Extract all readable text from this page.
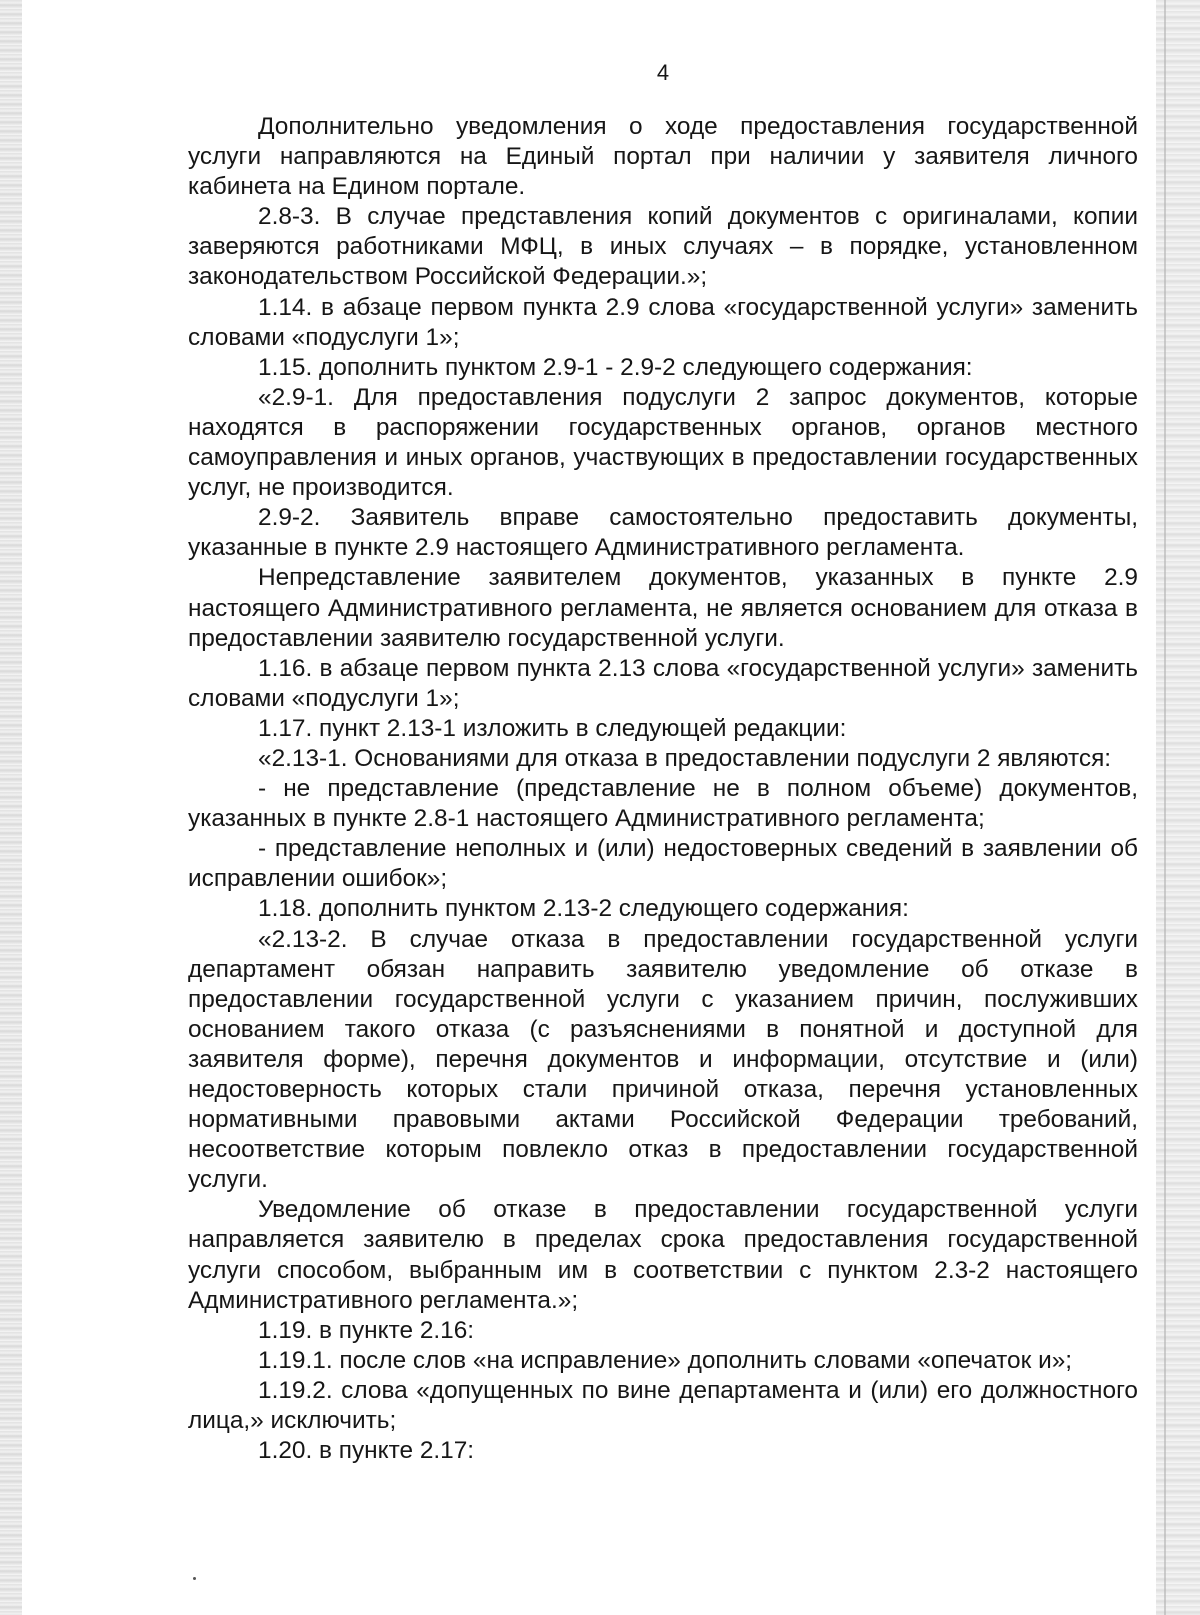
4

Дополнительно уведомления о ходе предоставления государственной услуги направляются на Единый портал при наличии у заявителя личного кабинета на Едином портале.

2.8-3. В случае представления копий документов с оригиналами, копии заверяются работниками МФЦ, в иных случаях – в порядке, установленном законодательством Российской Федерации.»;

1.14. в абзаце первом пункта 2.9 слова «государственной услуги» заменить словами «подуслуги 1»;

1.15. дополнить пунктом 2.9-1 - 2.9-2 следующего содержания:

«2.9-1. Для предоставления подуслуги 2 запрос документов, которые находятся в распоряжении государственных органов, органов местного самоуправления и иных органов, участвующих в предоставлении государственных услуг, не производится.

2.9-2. Заявитель вправе самостоятельно предоставить документы, указанные в пункте 2.9 настоящего Административного регламента.

Непредставление заявителем документов, указанных в пункте 2.9 настоящего Административного регламента, не является основанием для отказа в предоставлении заявителю государственной услуги.

1.16. в абзаце первом пункта 2.13 слова «государственной услуги» заменить словами «подуслуги 1»;

1.17. пункт 2.13-1 изложить в следующей редакции:

«2.13-1. Основаниями для отказа в предоставлении подуслуги 2 являются:

- не представление (представление не в полном объеме) документов, указанных в пункте 2.8-1 настоящего Административного регламента;

- представление неполных и (или) недостоверных сведений в заявлении об исправлении ошибок»;

1.18. дополнить пунктом 2.13-2 следующего содержания:

«2.13-2. В случае отказа в предоставлении государственной услуги департамент обязан направить заявителю уведомление об отказе в предоставлении государственной услуги с указанием причин, послуживших основанием такого отказа (с разъяснениями в понятной и доступной для заявителя форме), перечня документов и информации, отсутствие и (или) недостоверность которых стали причиной отказа, перечня установленных нормативными правовыми актами Российской Федерации требований, несоответствие которым повлекло отказ в предоставлении государственной услуги.

Уведомление об отказе в предоставлении государственной услуги направляется заявителю в пределах срока предоставления государственной услуги способом, выбранным им в соответствии с пунктом 2.3-2 настоящего Административного регламента.»;

1.19. в пункте 2.16:

1.19.1. после слов «на исправление» дополнить словами «опечаток и»;

1.19.2. слова «допущенных по вине департамента и (или) его должностного лица,» исключить;

1.20. в пункте 2.17:
